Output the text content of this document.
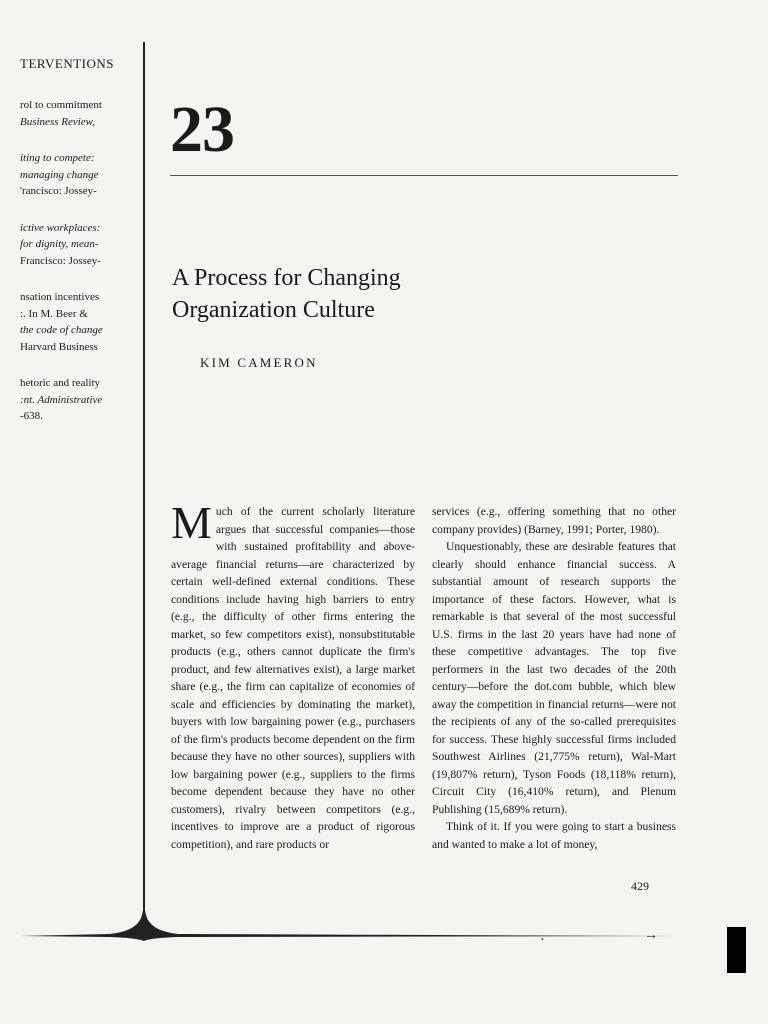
TERVENTIONS
rol to commitment
Business Review,
iting to compete:
managing change
'rancisco: Jossey-
ictive workplaces:
for dignity, mean-
Francisco: Jossey-
nsation incentives
:. In M. Beer &
the code of change
Harvard Business
hetoric and reality
:nt. Administrative
-638.
23
A Process for Changing
Organization Culture
KIM CAMERON

Much of the current scholarly literature argues that successful companies—those with sustained profitability and above-average financial returns—are characterized by certain well-defined external conditions. These conditions include having high barriers to entry (e.g., the difficulty of other firms entering the market, so few competitors exist), nonsubstitutable products (e.g., others cannot duplicate the firm's product, and few alternatives exist), a large market share (e.g., the firm can capitalize of economies of scale and efficiencies by dominating the market), buyers with low bargaining power (e.g., purchasers of the firm's products become dependent on the firm because they have no other sources), suppliers with low bargaining power (e.g., suppliers to the firms become dependent because they have no other customers), rivalry between competitors (e.g., incentives to improve are a product of rigorous competition), and rare products or

services (e.g., offering something that no other company provides) (Barney, 1991; Porter, 1980).

Unquestionably, these are desirable features that clearly should enhance financial success. A substantial amount of research supports the importance of these factors. However, what is remarkable is that several of the most successful U.S. firms in the last 20 years have had none of these competitive advantages. The top five performers in the last two decades of the 20th century—before the dot.com bubble, which blew away the competition in financial returns—were not the recipients of any of the so-called prerequisites for success. These highly successful firms included Southwest Airlines (21,775% return), Wal-Mart (19,807% return), Tyson Foods (18,118% return), Circuit City (16,410% return), and Plenum Publishing (15,689% return).

Think of it. If you were going to start a business and wanted to make a lot of money,

429
․	→
